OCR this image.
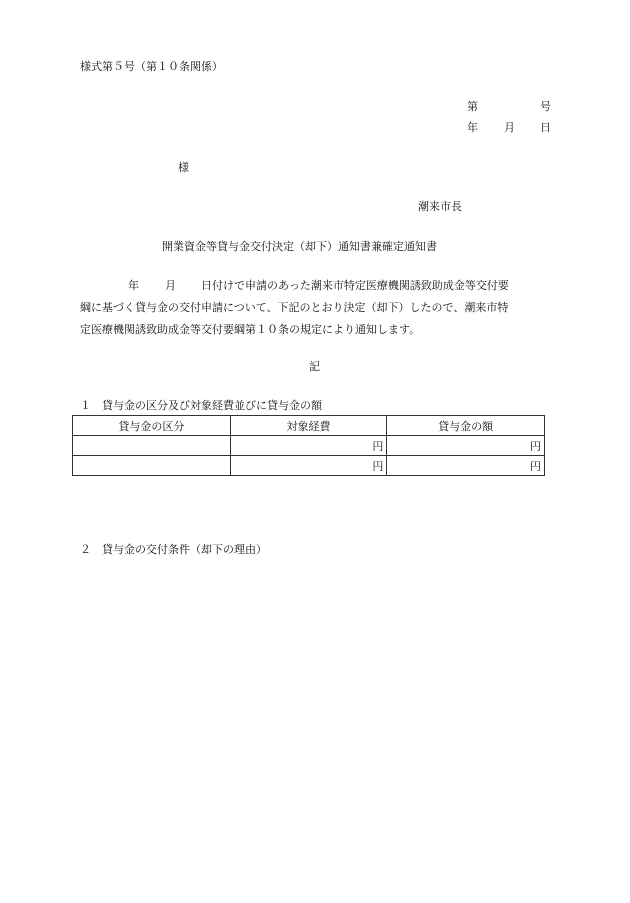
様式第５号（第１０条関係）
第	号
年 月 日
様
潮来市長
開業資金等貸与金交付決定（却下）通知書兼確定通知書
年 月 日付けで申請のあった潮来市特定医療機関誘致助成金等交付要
綱に基づく貸与金の交付申請について、下記のとおり決定（却下）したので、潮来市特
定医療機関誘致助成金等交付要綱第１０条の規定により通知します。
記
１　貸与金の区分及び対象経費並びに貸与金の額
貸与金の区分	対象経費	貸与金の額
	円	円
	円	円
２　貸与金の交付条件（却下の理由）
